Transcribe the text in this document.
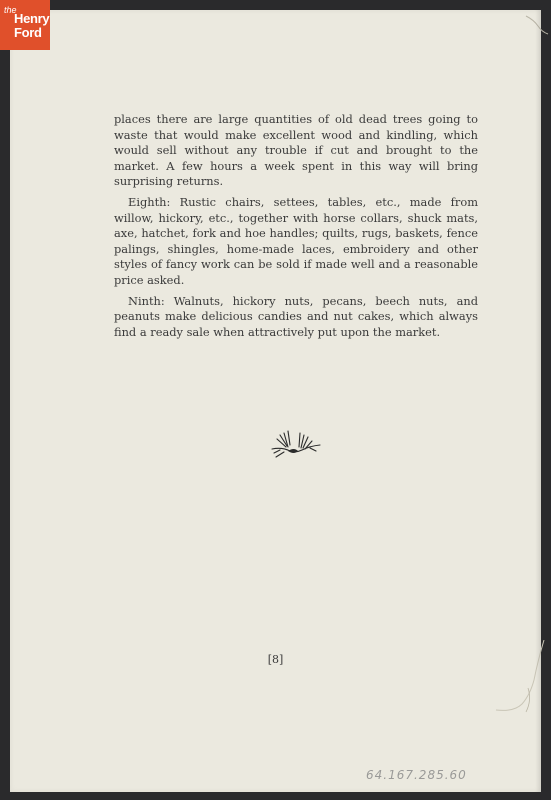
places there are large quantities of old dead trees going to waste that would make excellent wood and kindling, which would sell without any trouble if cut and brought to the market. A few hours a week spent in this way will bring surprising returns.

Eighth: Rustic chairs, settees, tables, etc., made from willow, hickory, etc., together with horse collars, shuck mats, axe, hatchet, fork and hoe handles; quilts, rugs, baskets, fence palings, shingles, home-made laces, embroidery and other styles of fancy work can be sold if made well and a reasonable price asked.

Ninth: Walnuts, hickory nuts, pecans, beech nuts, and peanuts make delicious candies and nut cakes, which always find a ready sale when attractively put upon the market.

[8]
the
Henry
Ford
64.167.285.60
